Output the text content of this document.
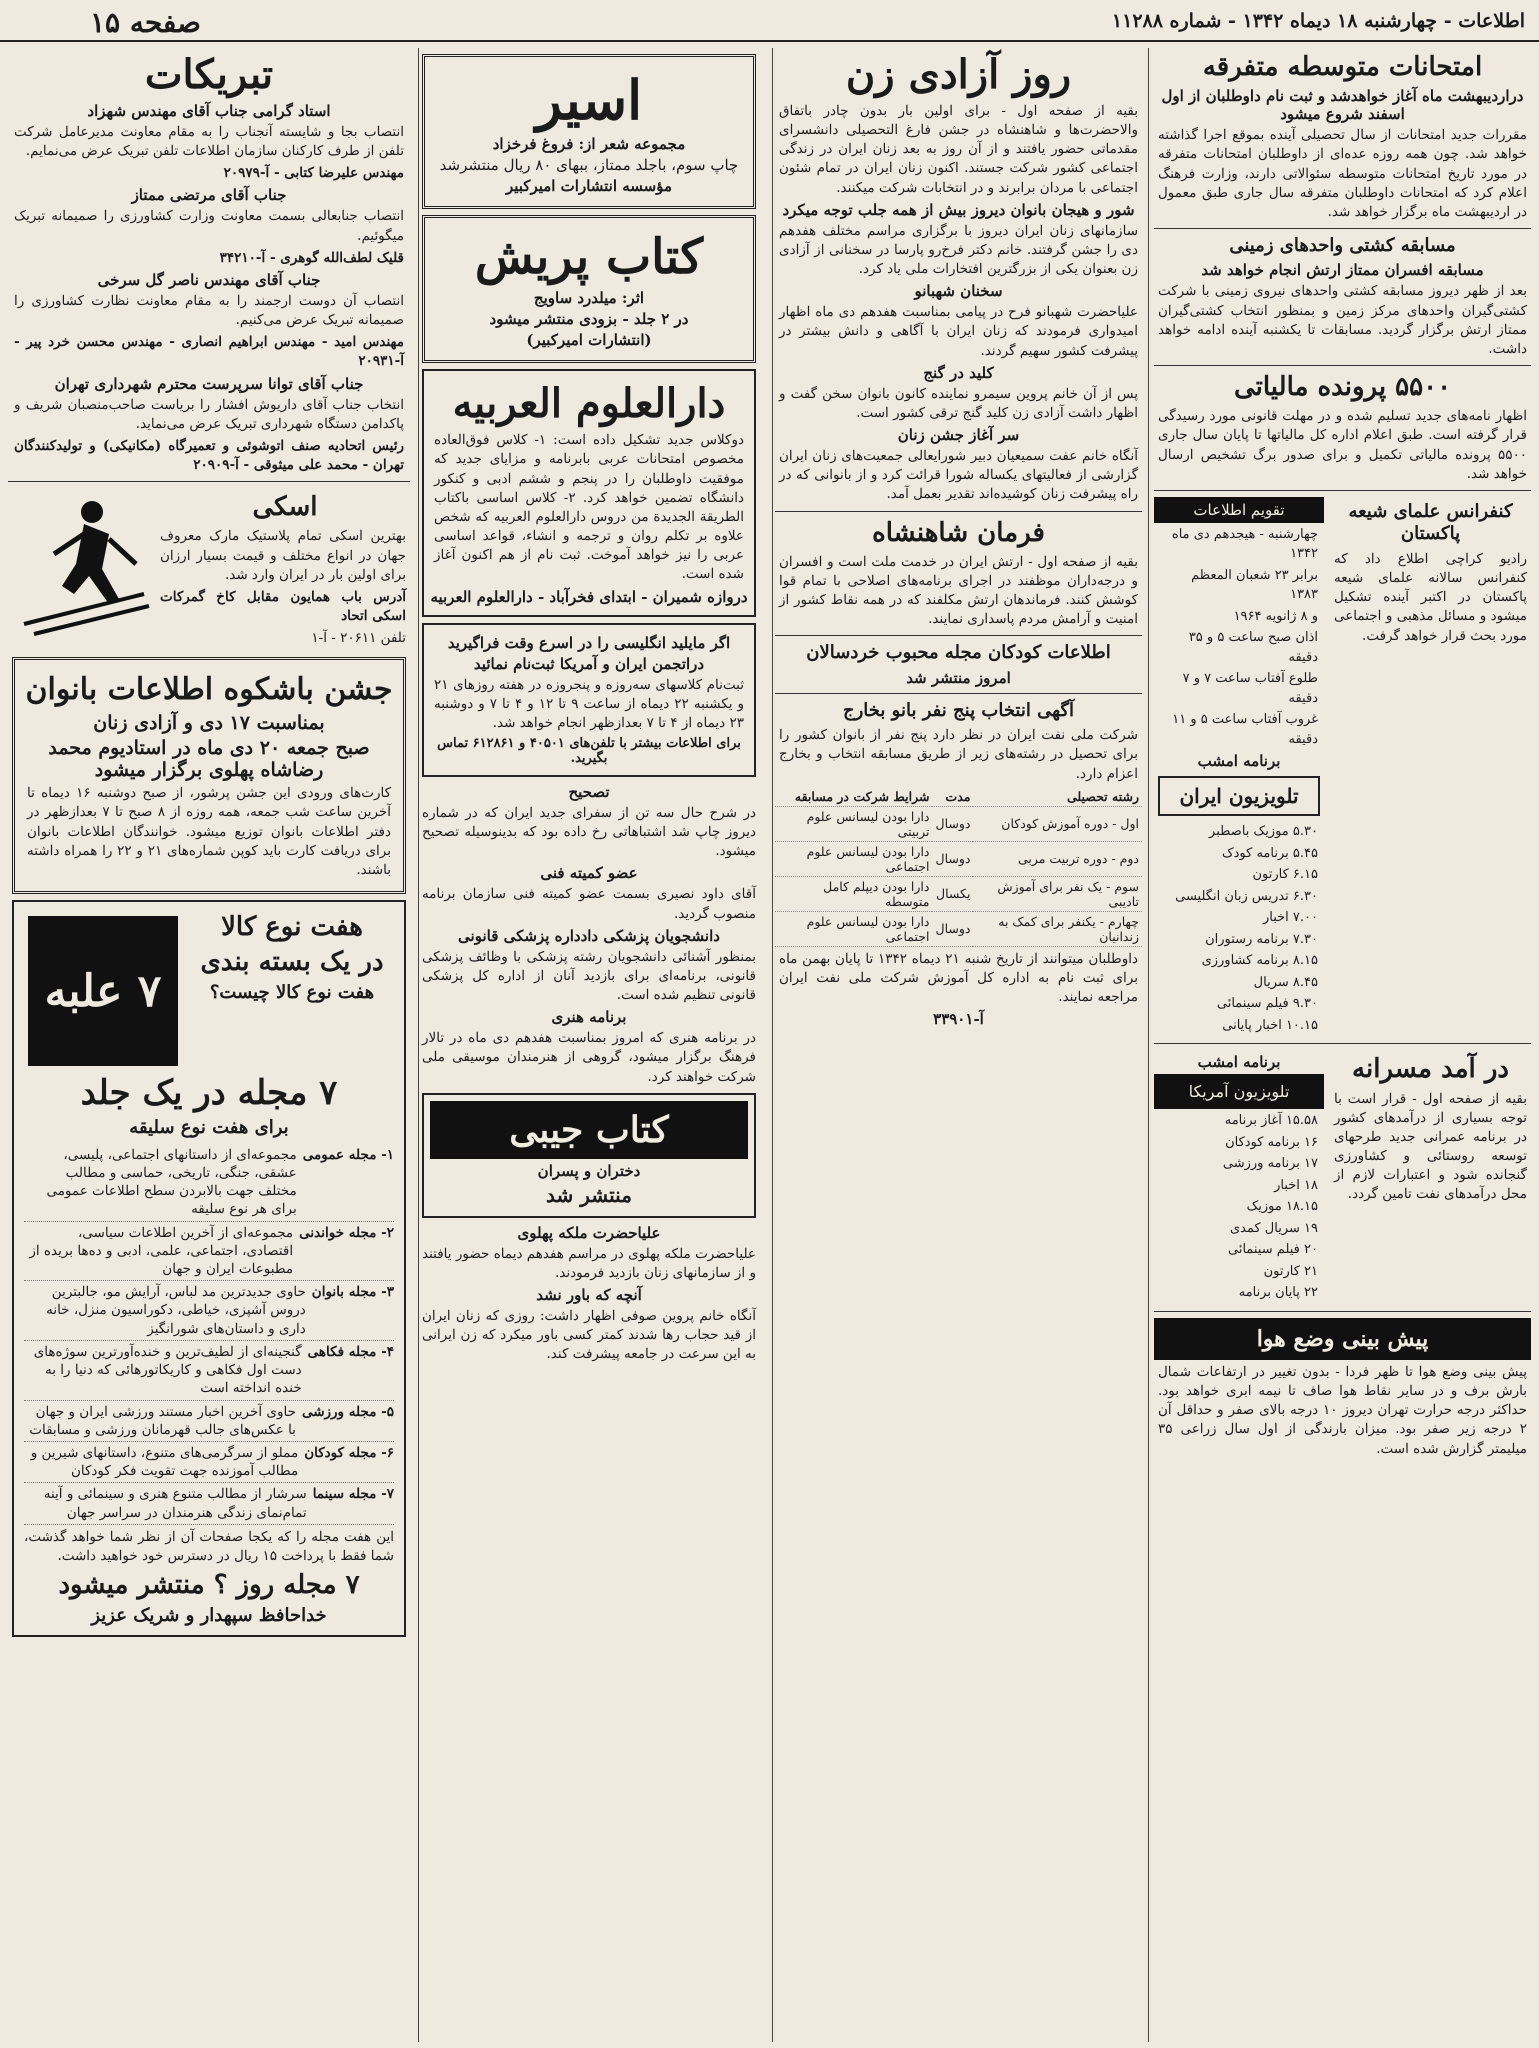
اطلاعات - چهارشنبه ۱۸ دیماه ۱۳۴۲ - شماره ۱۱۲۸۸
صفحه ۱۵
امتحانات متوسطه متفرقه
دراردیبهشت ماه آغاز خواهدشد و ثبت نام داوطلبان از اول اسفند شروع میشود

مقررات جدید امتحانات از سال تحصیلی آینده بموقع اجرا گذاشته خواهد شد. چون همه روزه عده‌ای از داوطلبان امتحانات متفرقه در مورد تاریخ امتحانات متوسطه سئوالاتی دارند، وزارت فرهنگ اعلام کرد که امتحانات داوطلبان متفرقه سال جاری طبق معمول در اردیبهشت ماه برگزار خواهد شد.

مسابقه کشتی واحدهای زمینی
مسابقه افسران ممتاز ارتش انجام خواهد شد

بعد از ظهر دیروز مسابقه کشتی واحدهای نیروی زمینی با شرکت کشتی‌گیران واحدهای مرکز زمین و بمنظور انتخاب کشتی‌گیران ممتاز ارتش برگزار گردید. مسابقات تا یکشنبه آینده ادامه خواهد داشت.

۵۵۰۰ پرونده مالیاتی

اظهار نامه‌های جدید تسلیم شده و در مهلت قانونی مورد رسیدگی قرار گرفته است. طبق اعلام اداره کل مالیاتها تا پایان سال جاری ۵۵۰۰ پرونده مالیاتی تکمیل و برای صدور برگ تشخیص ارسال خواهد شد.

کنفرانس علمای شیعه پاکستان

رادیو کراچی اطلاع داد که کنفرانس سالانه علمای شیعه پاکستان در اکتبر آینده تشکیل میشود و مسائل مذهبی و اجتماعی مورد بحث قرار خواهد گرفت.

تقویم اطلاعات
چهارشنبه - هیجدهم دی ماه ۱۳۴۲
برابر ۲۳ شعبان المعظم ۱۳۸۳
و ۸ ژانویه ۱۹۶۴
اذان صبح ساعت ۵ و ۳۵ دقیقه
طلوع آفتاب ساعت ۷ و ۷ دقیقه
غروب آفتاب ساعت ۵ و ۱۱ دقیقه
برنامه امشب
تلویزیون ایران
۵.۳۰ موزیک باصطبر
۵.۴۵ برنامه کودک
۶.۱۵ کارتون
۶.۳۰ تدریس زبان انگلیسی
۷.۰۰ اخبار
۷.۳۰ برنامه رستوران
۸.۱۵ برنامه کشاورزی
۸.۴۵ سریال
۹.۳۰ فیلم سینمائی
۱۰.۱۵ اخبار پایانی
در آمد مسرانه

بقیه از صفحه اول - قرار است با توجه بسیاری از درآمدهای کشور در برنامه عمرانی جدید طرحهای توسعه روستائی و کشاورزی گنجانده شود و اعتبارات لازم از محل درآمدهای نفت تامین گردد.

برنامه امشب
تلویزیون آمریکا
۱۵.۵۸ آغاز برنامه
۱۶ برنامه کودکان
۱۷ برنامه ورزشی
۱۸ اخبار
۱۸.۱۵ موزیک
۱۹ سریال کمدی
۲۰ فیلم سینمائی
۲۱ کارتون
۲۲ پایان برنامه
پیش بینی وضع هوا

پیش بینی وضع هوا تا ظهر فردا - بدون تغییر در ارتفاعات شمال بارش برف و در سایر نقاط هوا صاف تا نیمه ابری خواهد بود. حداکثر درجه حرارت تهران دیروز ۱۰ درجه بالای صفر و حداقل آن ۲ درجه زیر صفر بود. میزان بارندگی از اول سال زراعی ۳۵ میلیمتر گزارش شده است.

روز آزادی زن

بقیه از صفحه اول - برای اولین بار بدون چادر باتفاق والاحضرت‌ها و شاهنشاه در جشن فارغ التحصیلی دانشسرای مقدماتی حضور یافتند و از آن روز به بعد زنان ایران در زندگی اجتماعی کشور شرکت جستند. اکنون زنان ایران در تمام شئون اجتماعی با مردان برابرند و در انتخابات شرکت میکنند.

شور و هیجان بانوان دیروز بیش از همه جلب توجه میکرد

سازمانهای زنان ایران دیروز با برگزاری مراسم مختلف هفدهم دی را جشن گرفتند. خانم دکتر فرخ‌رو پارسا در سخنانی از آزادی زن بعنوان یکی از بزرگترین افتخارات ملی یاد کرد.

سخنان شهبانو

علیاحضرت شهبانو فرح در پیامی بمناسبت هفدهم دی ماه اظهار امیدواری فرمودند که زنان ایران با آگاهی و دانش بیشتر در پیشرفت کشور سهیم گردند.

کلید در گنج

پس از آن خانم پروین سیمرو نماینده کانون بانوان سخن گفت و اظهار داشت آزادی زن کلید گنج ترقی کشور است.

سر آغاز جشن زنان

آنگاه خانم عفت سمیعیان دبیر شورایعالی جمعیت‌های زنان ایران گزارشی از فعالیتهای یکساله شورا قرائت کرد و از بانوانی که در راه پیشرفت زنان کوشیده‌اند تقدیر بعمل آمد.

فرمان شاهنشاه

بقیه از صفحه اول - ارتش ایران در خدمت ملت است و افسران و درجه‌داران موظفند در اجرای برنامه‌های اصلاحی با تمام قوا کوشش کنند. فرماندهان ارتش مکلفند که در همه نقاط کشور از امنیت و آرامش مردم پاسداری نمایند.

اطلاعات کودکان مجله محبوب خردسالان
امروز منتشر شد
آگهی انتخاب پنج نفر بانو بخارج

شرکت ملی نفت ایران در نظر دارد پنج نفر از بانوان کشور را برای تحصیل در رشته‌های زیر از طریق مسابقه انتخاب و بخارج اعزام دارد.

رشته تحصیلی	مدت	شرایط شرکت در مسابقه
اول - دوره آموزش کودکان	دوسال	دارا بودن لیسانس علوم تربیتی
دوم - دوره تربیت مربی	دوسال	دارا بودن لیسانس علوم اجتماعی
سوم - یک نفر برای آموزش تادیبی	یکسال	دارا بودن دیپلم کامل متوسطه
چهارم - یکنفر برای کمک به زندانیان	دوسال	دارا بودن لیسانس علوم اجتماعی

داوطلبان میتوانند از تاریخ شنبه ۲۱ دیماه ۱۳۴۲ تا پایان بهمن ماه برای ثبت نام به اداره کل آموزش شرکت ملی نفت ایران مراجعه نمایند.

آ-۳۳۹۰۱
اسیر
مجموعه شعر از: فروغ فرخزاد
چاپ سوم، باجلد ممتاز، ببهای ۸۰ ریال منتشرشد
مؤسسه انتشارات امیرکبیر
کتاب پریش
اثر: میلدرد ساویج
در ۲ جلد - بزودی منتشر میشود
(انتشارات امیرکبیر)
دارالعلوم العربیه

دوکلاس جدید تشکیل داده است: ۱- کلاس فوق‌العاده مخصوص امتحانات عربی بابرنامه و مزایای جدید که موفقیت داوطلبان را در پنجم و ششم ادبی و کنکور دانشگاه تضمین خواهد کرد. ۲- کلاس اساسی باکتاب الطریقة الجدیدة من دروس دارالعلوم العربیه که شخص علاوه بر تکلم روان و ترجمه و انشاء، قواعد اساسی عربی را نیز خواهد آموخت. ثبت نام از هم اکنون آغاز شده است.

دروازه شمیران - ابتدای فخرآباد - دارالعلوم العربیه
اگر مایلید انگلیسی را در اسرع وقت فراگیرید
دراتجمن ایران و آمریکا ثبت‌نام نمائید

ثبت‌نام کلاسهای سه‌روزه و پنجروزه در هفته روزهای ۲۱ و یکشنبه ۲۲ دیماه از ساعت ۹ تا ۱۲ و ۴ تا ۷ و دوشنبه ۲۳ دیماه از ۴ تا ۷ بعدازظهر انجام خواهد شد.

برای اطلاعات بیشتر با تلفن‌های ۴۰۵۰۱ و ۶۱۲۸۶۱ تماس بگیرید.
تصحیح

در شرح حال سه تن از سفرای جدید ایران که در شماره دیروز چاپ شد اشتباهاتی رخ داده بود که بدینوسیله تصحیح میشود.

عضو کمیته فنی

آقای داود نصیری بسمت عضو کمیته فنی سازمان برنامه منصوب گردید.

دانشجویان پزشکی دادداره پزشکی قانونی

بمنظور آشنائی دانشجویان رشته پزشکی با وظائف پزشکی قانونی، برنامه‌ای برای بازدید آنان از اداره کل پزشکی قانونی تنظیم شده است.

برنامه هنری

در برنامه هنری که امروز بمناسبت هفدهم دی ماه در تالار فرهنگ برگزار میشود، گروهی از هنرمندان موسیقی ملی شرکت خواهند کرد.

کتاب جیبی
دختران و پسران
منتشر شد
علیاحضرت ملکه پهلوی

علیاحضرت ملکه پهلوی در مراسم هفدهم دیماه حضور یافتند و از سازمانهای زنان بازدید فرمودند.

آنچه که باور نشد

آنگاه خانم پروین صوفی اظهار داشت: روزی که زنان ایران از قید حجاب رها شدند کمتر کسی باور میکرد که زن ایرانی به این سرعت در جامعه پیشرفت کند.

تبریکات
استاد گرامی جناب آقای مهندس شهزاد

انتصاب بجا و شایسته آنجناب را به مقام معاونت مدیرعامل شرکت تلفن از طرف کارکنان سازمان اطلاعات تلفن تبریک عرض می‌نمایم.

مهندس علیرضا کتابی - آ-۲۰۹۷۹

جناب آقای مرتضی ممتاز

انتصاب جنابعالی بسمت معاونت وزارت کشاورزی را صمیمانه تبریک میگوئیم.

قلیک لطف‌الله گوهری - آ-۳۴۲۱۰

جناب آقای مهندس ناصر گل سرخی

انتصاب آن دوست ارجمند را به مقام معاونت نظارت کشاورزی را صمیمانه تبریک عرض می‌کنیم.

مهندس امید - مهندس ابراهیم انصاری - مهندس محسن خرد پیر - آ-۲۰۹۳۱

جناب آقای توانا سرپرست محترم شهرداری تهران

انتخاب جناب آقای داریوش افشار را بریاست صاحب‌منصبان شریف و پاکدامن دستگاه شهرداری تبریک عرض می‌نماید.

رئیس اتحادیه صنف اتوشوئی و تعمیرگاه (مکانیکی) و تولیدکنندگان تهران - محمد علی میثوقی - آ-۲۰۹۰۹

اسکی

بهترین اسکی تمام پلاستیک مارک معروف جهان در انواع مختلف و قیمت بسیار ارزان برای اولین بار در ایران وارد شد.

آدرس باب همایون مقابل کاخ گمرکات اسکی اتحاد

تلفن ۲۰۶۱۱ - آ-۱

جشن باشکوه اطلاعات بانوان
بمناسبت ۱۷ دی و آزادی زنان
صبح جمعه ۲۰ دی ماه در استادیوم محمد رضاشاه پهلوی برگزار میشود

کارت‌های ورودی این جشن پرشور، از صبح دوشنبه ۱۶ دیماه تا آخرین ساعت شب جمعه، همه روزه از ۸ صبح تا ۷ بعدازظهر در دفتر اطلاعات بانوان توزیع میشود. خوانندگان اطلاعات بانوان برای دریافت کارت باید کوپن شماره‌های ۲۱ و ۲۲ را همراه داشته باشند.

۷ علبه
هفت نوع کالا
در یک بسته بندی
هفت نوع کالا چیست؟
۷ مجله در یک جلد
برای هفت نوع سلیقه
۱- مجله عمومی
مجموعه‌ای از داستانهای اجتماعی، پلیسی، عشقی، جنگی، تاریخی، حماسی و مطالب مختلف جهت بالابردن سطح اطلاعات عمومی برای هر نوع سلیقه
۲- مجله خواندنی
مجموعه‌ای از آخرین اطلاعات سیاسی، اقتصادی، اجتماعی، علمی، ادبی و ده‌ها بریده از مطبوعات ایران و جهان
۳- مجله بانوان
حاوی جدیدترین مد لباس، آرایش مو، جالبترین دروس آشپزی، خیاطی، دکوراسیون منزل، خانه داری و داستان‌های شورانگیز
۴- مجله فکاهی
گنجینه‌ای از لطیف‌ترین و خنده‌آورترین سوژه‌های دست اول فکاهی و کاریکاتورهائی که دنیا را به خنده انداخته است
۵- مجله ورزشی
حاوی آخرین اخبار مستند ورزشی ایران و جهان با عکس‌های جالب قهرمانان ورزشی و مسابقات
۶- مجله کودکان
مملو از سرگرمی‌های متنوع، داستانهای شیرین و مطالب آموزنده جهت تقویت فکر کودکان
۷- مجله سینما
سرشار از مطالب متنوع هنری و سینمائی و آینه تمام‌نمای زندگی هنرمندان در سراسر جهان

این هفت مجله را که یکجا صفحات آن از نظر شما خواهد گذشت، شما فقط با پرداخت ۱۵ ریال در دسترس خود خواهید داشت.

۷ مجله روز ؟ منتشر میشود
خداحافظ سپهدار و شریک عزیز
